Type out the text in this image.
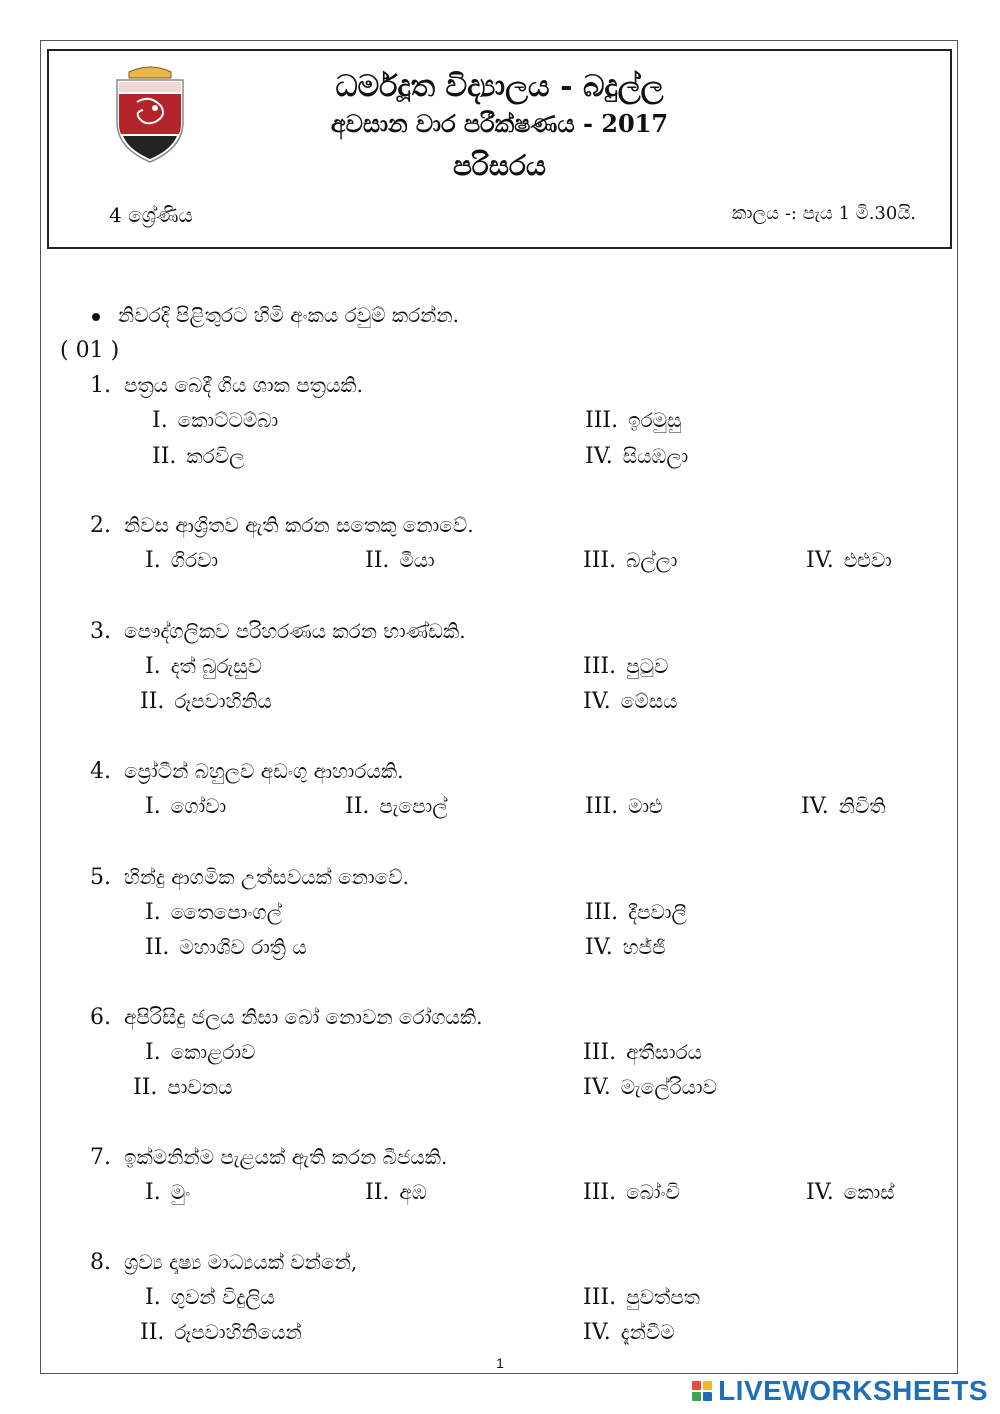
ධර්මදූත විද්‍යාලය - බදුල්ල
අවසාන වාර පරීක්ෂණය - 2017
පරිසරය
4 ශ්‍රේණිය	කාලය -: පැය 1 මි.30යි.
නිවරදි පිළිතුරට හිමි අංකය රවුම් කරන්න.
( 01 )
1. පත්‍රය බෙදී ගිය ශාක පත්‍රයකි.
I. කොට්ටම්බා
II. කරවිල
III. ඉරමුසු
IV. සියඹලා
2. නිවස ආශ්‍රිතව ඇති කරන සතෙකු නොවේ.
I. ගිරවා	II. මීයා	III. බල්ලා	IV. එළුවා
3. පෞද්ගලිකව පරිහරණය කරන භාණ්ඩකි.
I. දත් බුරුසුව
II. රූපවාහිනිය
III. පුටුව
IV. මේසය
4. ප්‍රෝටීන් බහුලව අඩංගු ආහාරයකි.
I. ගෝවා	II. පැපොල්	III. මාළු	IV. නිවිති
5. හින්දු ආගමික උත්සවයක් නොවේ.
I. තෛපොංගල්
II. මහාශිව රාත්‍රි ය
III. දීපවාලී
IV. හජ්ජි
6. අපිරිසිදු ජලය නිසා බෝ නොවන රෝගයකි.
I. කොළරාව
II. පාචනය
III. අතීසාරය
IV. මැලේරියාව
7. ඉක්මනින්ම පැළයක් ඇති කරන බීජයකි.
I. මුං	II. අඹ	III. බෝංචි	IV. කොස්
8. ශ්‍රව්‍ය දෘෂ්‍ය මාධ්‍යයක් වන්නේ,
I. ගුවන් විදුලිය
II. රූපවාහිනියෙන්
III. පුවත්පත
IV. දැන්වීම
1
LIVEWORKSHEETS
